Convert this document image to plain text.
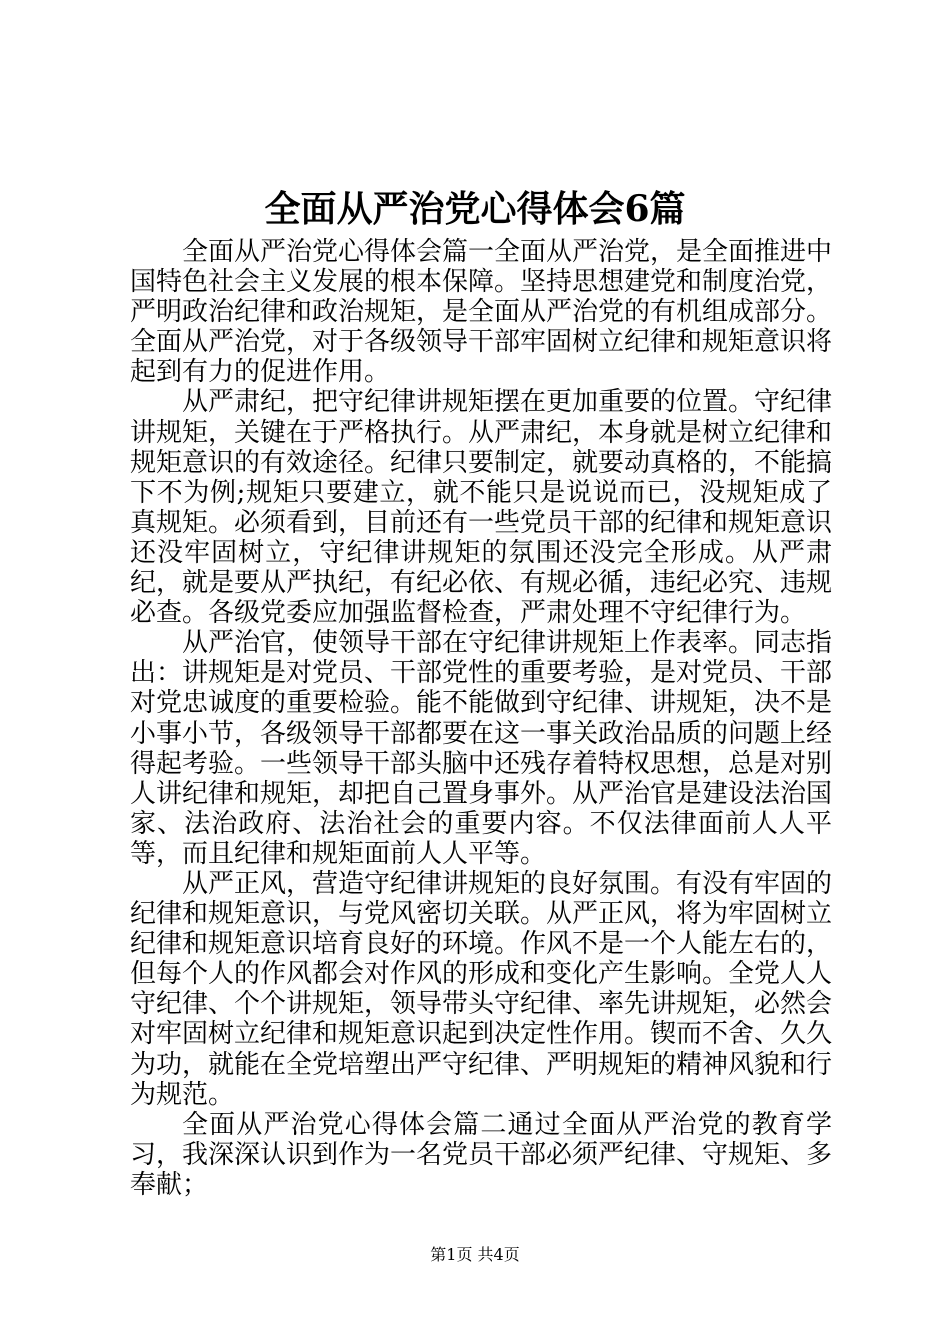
全面从严治党心得体会6篇

全面从严治党心得体会篇一全面从严治党，是全面推进中国特色社会主义发展的根本保障。坚持思想建党和制度治党，严明政治纪律和政治规矩，是全面从严治党的有机组成部分。全面从严治党，对于各级领导干部牢固树立纪律和规矩意识将起到有力的促进作用。

从严肃纪，把守纪律讲规矩摆在更加重要的位置。守纪律讲规矩，关键在于严格执行。从严肃纪，本身就是树立纪律和规矩意识的有效途径。纪律只要制定，就要动真格的，不能搞下不为例;规矩只要建立，就不能只是说说而已，没规矩成了真规矩。必须看到，目前还有一些党员干部的纪律和规矩意识还没牢固树立，守纪律讲规矩的氛围还没完全形成。从严肃纪，就是要从严执纪，有纪必依、有规必循，违纪必究、违规必查。各级党委应加强监督检查，严肃处理不守纪律行为。

从严治官，使领导干部在守纪律讲规矩上作表率。同志指出：讲规矩是对党员、干部党性的重要考验，是对党员、干部对党忠诚度的重要检验。能不能做到守纪律、讲规矩，决不是小事小节，各级领导干部都要在这一事关政治品质的问题上经得起考验。一些领导干部头脑中还残存着特权思想，总是对别人讲纪律和规矩，却把自己置身事外。从严治官是建设法治国家、法治政府、法治社会的重要内容。不仅法律面前人人平等，而且纪律和规矩面前人人平等。

从严正风，营造守纪律讲规矩的良好氛围。有没有牢固的纪律和规矩意识，与党风密切关联。从严正风，将为牢固树立纪律和规矩意识培育良好的环境。作风不是一个人能左右的，但每个人的作风都会对作风的形成和变化产生影响。全党人人守纪律、个个讲规矩，领导带头守纪律、率先讲规矩，必然会对牢固树立纪律和规矩意识起到决定性作用。锲而不舍、久久为功，就能在全党培塑出严守纪律、严明规矩的精神风貌和行为规范。

全面从严治党心得体会篇二通过全面从严治党的教育学习，我深深认识到作为一名党员干部必须严纪律、守规矩、多奉献；

第1页 共4页
